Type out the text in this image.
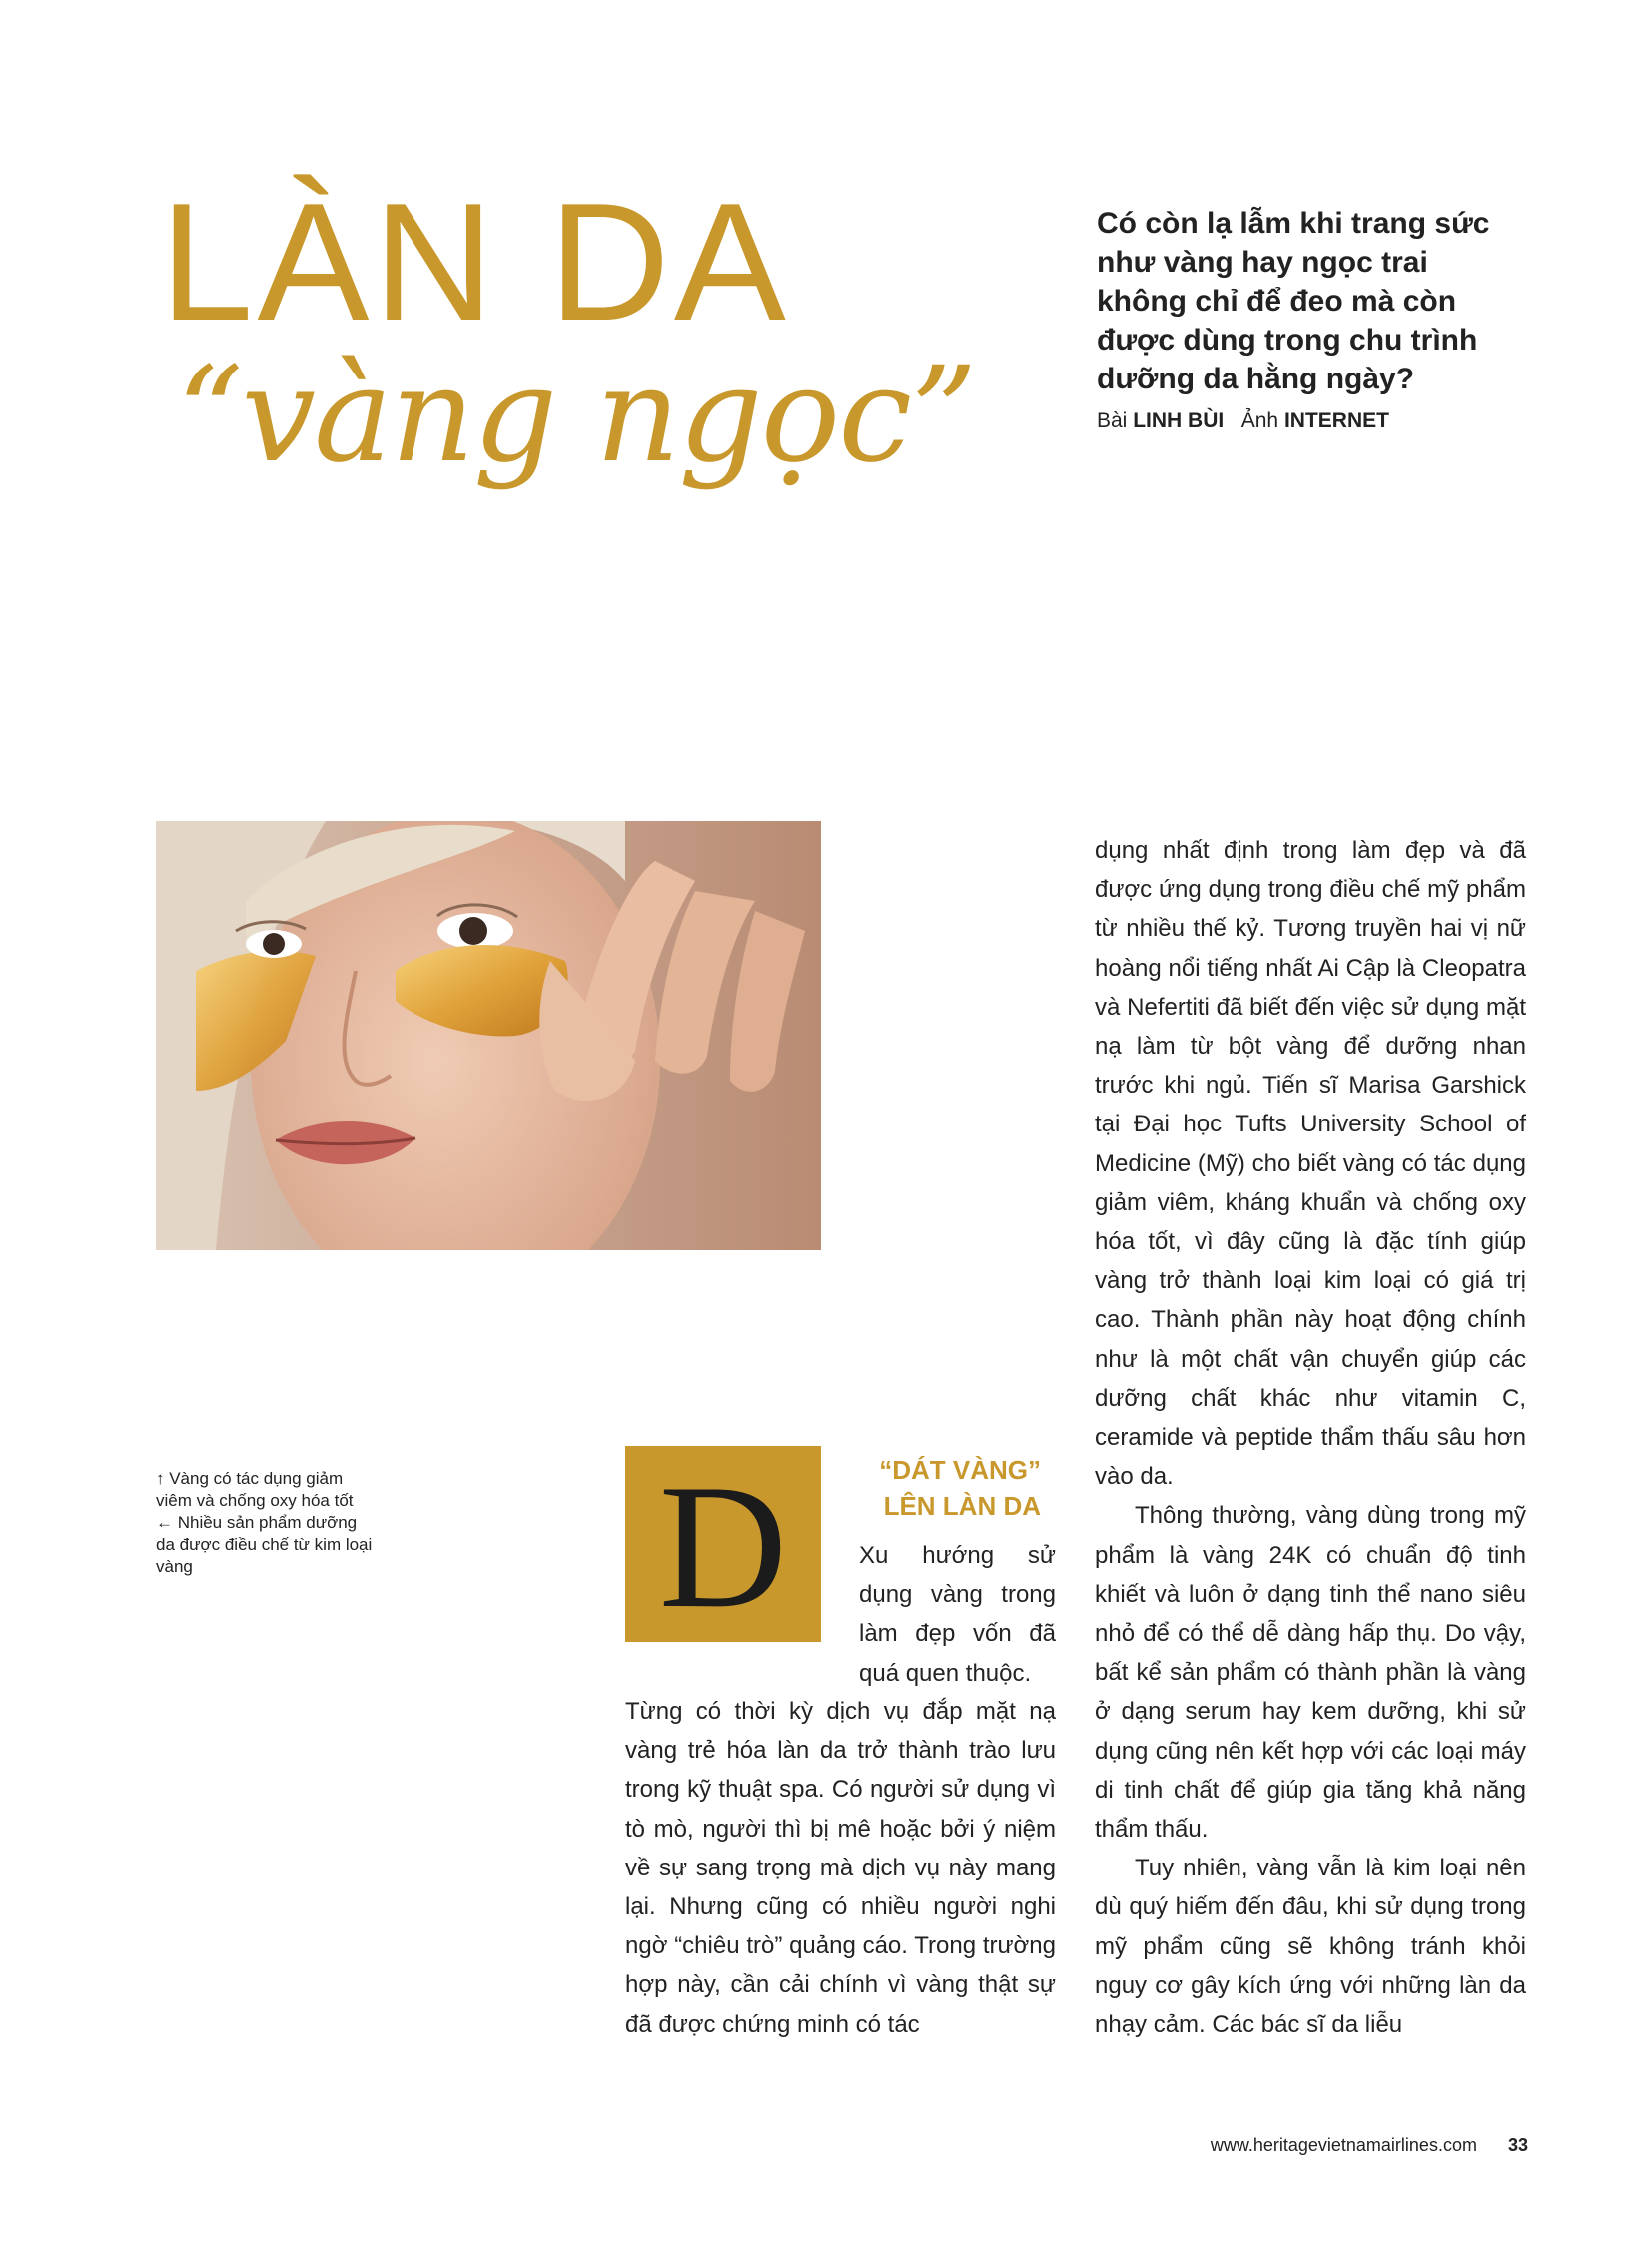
LÀN DA
“vàng ngọc”

Có còn lạ lẫm khi trang sức như vàng hay ngọc trai không chỉ để đeo mà còn được dùng trong chu trình dưỡng da hằng ngày?

Bài LINH BÙI Ảnh INTERNET
↑ Vàng có tác dụng giảm viêm và chống oxy hóa tốt
← Nhiều sản phẩm dưỡng da được điều chế từ kim loại vàng	D	“DÁT VÀNG”
LÊN LÀN DA

Xu hướng sử dụng vàng trong làm đẹp vốn đã quá quen thuộc.

Từng có thời kỳ dịch vụ đắp mặt nạ vàng trẻ hóa làn da trở thành trào lưu trong kỹ thuật spa. Có người sử dụng vì tò mò, người thì bị mê hoặc bởi ý niệm về sự sang trọng mà dịch vụ này mang lại. Nhưng cũng có nhiều người nghi ngờ “chiêu trò” quảng cáo. Trong trường hợp này, cần cải chính vì vàng thật sự đã được chứng minh có tác

dụng nhất định trong làm đẹp và đã được ứng dụng trong điều chế mỹ phẩm từ nhiều thế kỷ. Tương truyền hai vị nữ hoàng nổi tiếng nhất Ai Cập là Cleopatra và Nefertiti đã biết đến việc sử dụng mặt nạ làm từ bột vàng để dưỡng nhan trước khi ngủ. Tiến sĩ Marisa Garshick tại Đại học Tufts University School of Medicine (Mỹ) cho biết vàng có tác dụng giảm viêm, kháng khuẩn và chống oxy hóa tốt, vì đây cũng là đặc tính giúp vàng trở thành loại kim loại có giá trị cao. Thành phần này hoạt động chính như là một chất vận chuyển giúp các dưỡng chất khác như vitamin C, ceramide và peptide thẩm thấu sâu hơn vào da.

Thông thường, vàng dùng trong mỹ phẩm là vàng 24K có chuẩn độ tinh khiết và luôn ở dạng tinh thể nano siêu nhỏ để có thể dễ dàng hấp thụ. Do vậy, bất kể sản phẩm có thành phần là vàng ở dạng serum hay kem dưỡng, khi sử dụng cũng nên kết hợp với các loại máy di tinh chất để giúp gia tăng khả năng thẩm thấu.

Tuy nhiên, vàng vẫn là kim loại nên dù quý hiếm đến đâu, khi sử dụng trong mỹ phẩm cũng sẽ không tránh khỏi nguy cơ gây kích ứng với những làn da nhạy cảm. Các bác sĩ da liễu

www.heritagevietnamairlines.com 33
